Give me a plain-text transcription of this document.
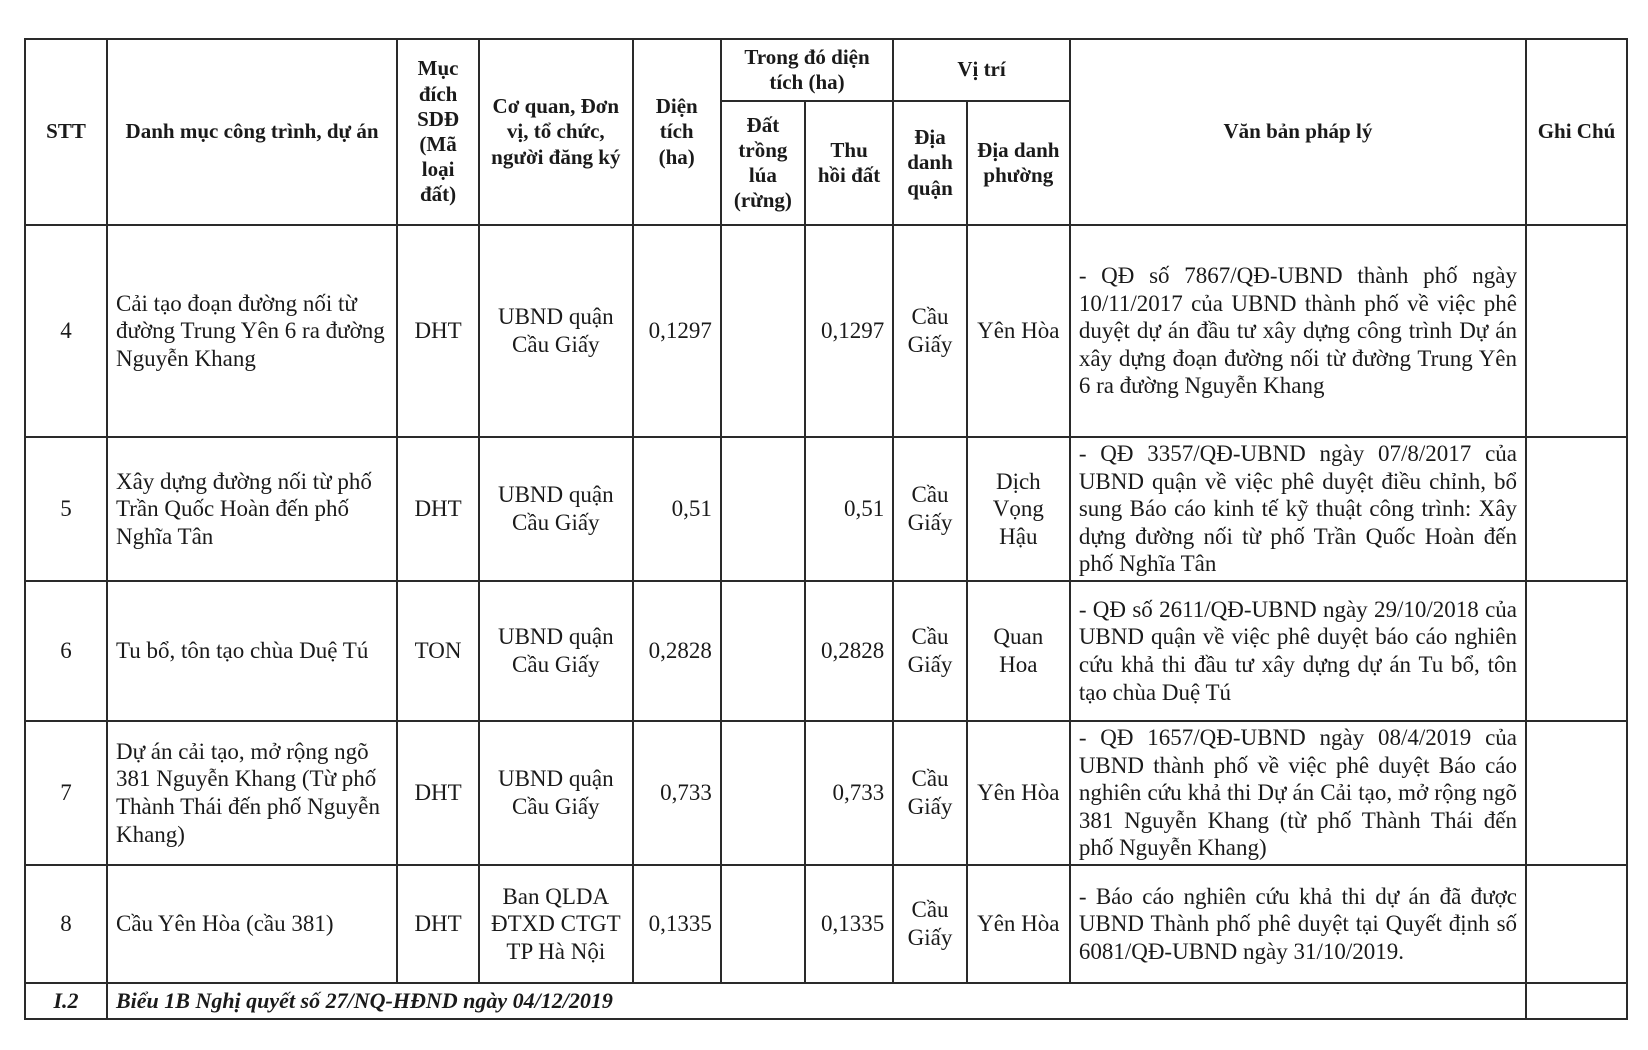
STT	Danh mục công trình, dự án	Mục đích SDĐ (Mã loại đất)	Cơ quan, Đơn vị, tổ chức, người đăng ký	Diện tích (ha)	Trong đó diện tích (ha)		Vị trí		Văn bản pháp lý	Ghi Chú
					Đất trồng lúa (rừng)	Thu hồi đất	Địa danh quận	Địa danh phường		
4	Cải tạo đoạn đường nối từ đường Trung Yên 6 ra đường Nguyễn Khang	DHT	UBND quận Cầu Giấy	0,1297		0,1297	Cầu Giấy	Yên Hòa	- QĐ số 7867/QĐ-UBND thành phố ngày 10/11/2017 của UBND thành phố về việc phê duyệt dự án đầu tư xây dựng công trình Dự án xây dựng đoạn đường nối từ đường Trung Yên 6 ra đường Nguyễn Khang	
5	Xây dựng đường nối từ phố Trần Quốc Hoàn đến phố Nghĩa Tân	DHT	UBND quận Cầu Giấy	0,51		0,51	Cầu Giấy	Dịch Vọng Hậu	- QĐ 3357/QĐ-UBND ngày 07/8/2017 của UBND quận về việc phê duyệt điều chỉnh, bổ sung Báo cáo kinh tế kỹ thuật công trình: Xây dựng đường nối từ phố Trần Quốc Hoàn đến phố Nghĩa Tân	
6	Tu bổ, tôn tạo chùa Duệ Tú	TON	UBND quận Cầu Giấy	0,2828		0,2828	Cầu Giấy	Quan Hoa	- QĐ số 2611/QĐ-UBND ngày 29/10/2018 của UBND quận về việc phê duyệt báo cáo nghiên cứu khả thi đầu tư xây dựng dự án Tu bổ, tôn tạo chùa Duệ Tú	
7	Dự án cải tạo, mở rộng ngõ 381 Nguyễn Khang (Từ phố Thành Thái đến phố Nguyễn Khang)	DHT	UBND quận Cầu Giấy	0,733		0,733	Cầu Giấy	Yên Hòa	- QĐ 1657/QĐ-UBND ngày 08/4/2019 của UBND thành phố về việc phê duyệt Báo cáo nghiên cứu khả thi Dự án Cải tạo, mở rộng ngõ 381 Nguyễn Khang (từ phố Thành Thái đến phố Nguyễn Khang)	
8	Cầu Yên Hòa (cầu 381)	DHT	Ban QLDA ĐTXD CTGT TP Hà Nội	0,1335		0,1335	Cầu Giấy	Yên Hòa	- Báo cáo nghiên cứu khả thi dự án đã được UBND Thành phố phê duyệt tại Quyết định số 6081/QĐ-UBND ngày 31/10/2019.	
I.2	Biểu 1B Nghị quyết số 27/NQ-HĐND ngày 04/12/2019									
